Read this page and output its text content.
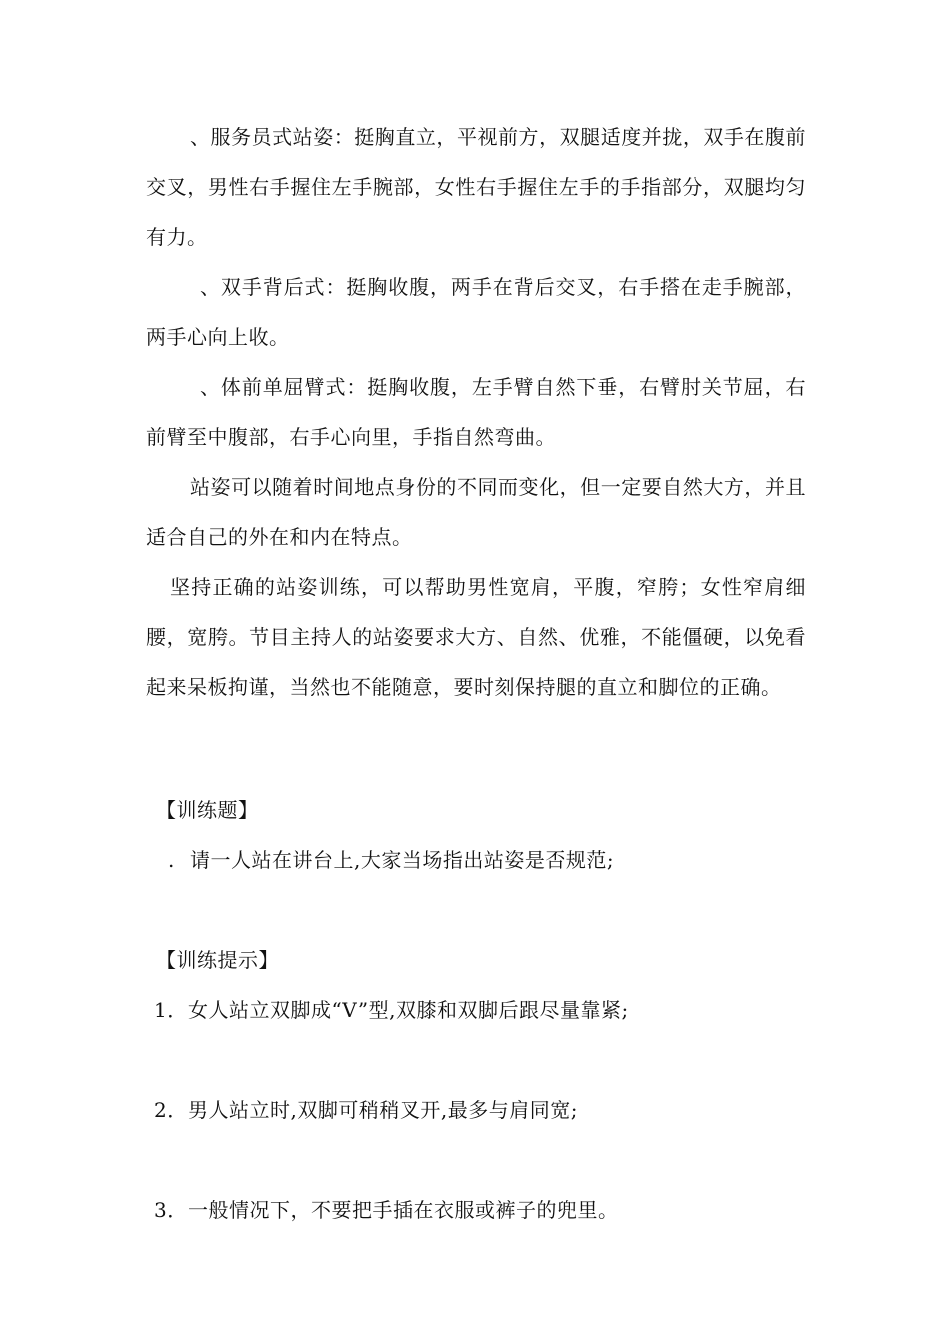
、服务员式站姿：挺胸直立，平视前方，双腿适度并拢，双手在腹前交叉，男性右手握住左手腕部，女性右手握住左手的手指部分，双腿均匀有力。

、双手背后式：挺胸收腹，两手在背后交叉，右手搭在走手腕部，两手心向上收。

、体前单屈臂式：挺胸收腹，左手臂自然下垂，右臂肘关节屈，右前臂至中腹部，右手心向里，手指自然弯曲。

站姿可以随着时间地点身份的不同而变化，但一定要自然大方，并且适合自己的外在和内在特点。

坚持正确的站姿训练，可以帮助男性宽肩，平腹，窄胯；女性窄肩细腰，宽胯。节目主持人的站姿要求大方、自然、优雅，不能僵硬，以免看起来呆板拘谨，当然也不能随意，要时刻保持腿的直立和脚位的正确。

【训练题】

. 请一人站在讲台上,大家当场指出站姿是否规范;

【训练提示】

1．女人站立双脚成“V”型,双膝和双脚后跟尽量靠紧;

2．男人站立时,双脚可稍稍叉开,最多与肩同宽;

3．一般情况下，不要把手插在衣服或裤子的兜里。
